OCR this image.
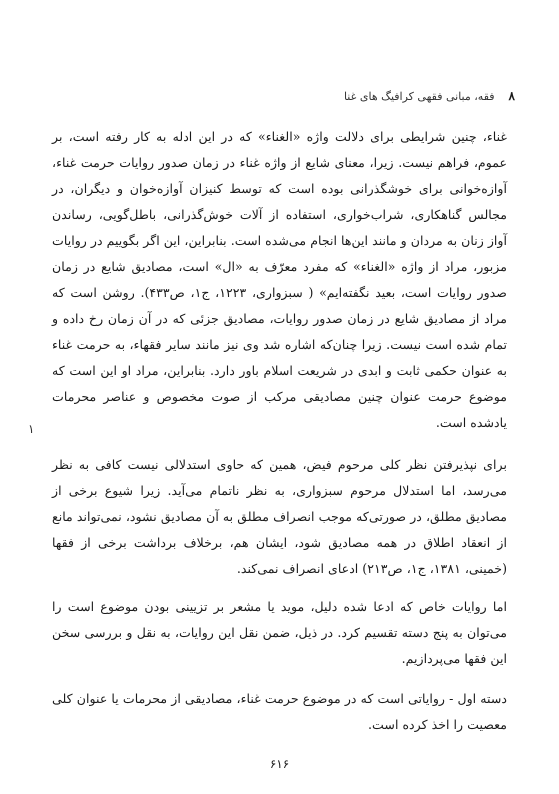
۸
فقه، مبانی فقهی کرافیگ های غنا

غناء، چنین شرایطی برای دلالت واژه «الغناء» که در این ادله به کار رفته است، بر عموم، فراهم نیست. زیرا، معنای شایع از واژه غناء در زمان صدور روایات حرمت غناء، آوازه‌خوانی برای خوشگذرانی بوده است که توسط کنیزان آوازه‌خوان و دیگران، در مجالس گناهکاری، شراب‌خواری، استفاده از آلات خوش‌گذرانی، باطل‌گویی، رساندن آواز زنان به مردان و مانند این‌ها انجام می‌شده است. بنابراین، این اگر بگوییم در روایات مزبور، مراد از واژه «الغناء» که مفرد معرّف به «ال» است، مصادیق شایع در زمان صدور روایات است، بعید نگفته‌ایم» ( سبزواری، ۱۲۲۳، ج۱، ص۴۳۳). روشن است که مراد از مصادیق شایع در زمان صدور روایات، مصادیق جزئی که در آن زمان رخ داده و تمام شده است نیست. زیرا چنان‌که اشاره شد وی نیز مانند سایر فقهاء، به حرمت غناء به عنوان حکمی ثابت و ابدی در شریعت اسلام باور دارد. بنابراین، مراد او این است که موضوع حرمت عنوان چنین مصادیقی مرکب از صوت مخصوص و عناصر محرمات یادشده است.

برای نپذیرفتن نظر کلی مرحوم فیض، همین که حاوی استدلالی نیست کافی به نظر می‌رسد، اما استدلال مرحوم سبزواری، به نظر ناتمام می‌آید. زیرا شیوع برخی از مصادیق مطلق، در صورتی‌که موجب انصراف مطلق به آن مصادیق نشود، نمی‌تواند مانع از انعقاد اطلاق در همه مصادیق شود، ایشان هم، برخلاف برداشت برخی از فقها (خمینی، ۱۳۸۱، ج۱، ص۲۱۳) ادعای انصراف نمی‌کند.

اما روایات خاص که ادعا شده دلیل، موید یا مشعر بر تزیینی بودن موضوع است را می‌توان به پنج دسته تقسیم کرد. در ذیل، ضمن نقل این روایات، به نقل و بررسی سخن این فقها می‌پردازیم.

دسته اول - روایاتی است که در موضوع حرمت غناء، مصادیقی از محرمات یا عنوان کلی معصیت را اخذ کرده است.

۱
۶۱۶
